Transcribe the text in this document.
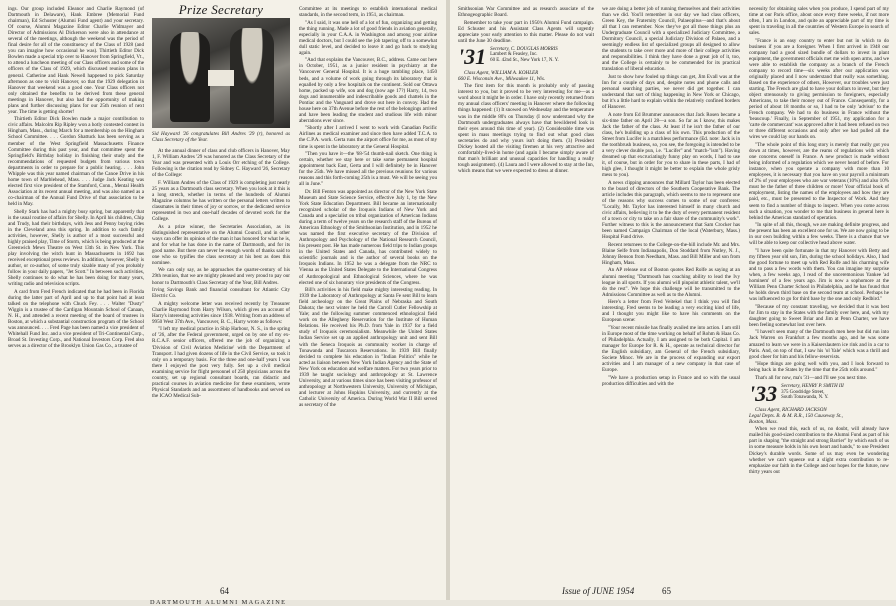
ings. Our group included Eleanor and Charlie Raymond (of Dartmouth in Delaware), Hank Embree (Memorial Fund chairman), Ed Schuster (Alumni Fund agent) and your secretary. Of course, Alumni Magazine Editor Charlie Widmayer and Director of Admissions Al Dickerson were also in attendance at several of the meetings, although the weekend was the period of final desire for all of the constituency of the Class of 1928 (and you can imagine how occasional he was). Thirtieth Editor Dick Bowlen made a special trip over to Hanover from Springfield, Vt., to attend a luncheon meeting of our Class officers and some of the officers of the Class of 1929, which discussed reunion plans in general. Catherine and Hank Newell happened to pick Saturday afternoon as one to visit Hanover, so that the 1929 delegation in Hanover that weekend was a good one. Your Class officers not only obtained the benefits to be derived from these general meetings in Hanover, but also had the opportunity of making plans and further discussing plans for our 25th reunion of next year. The time is getting shorter!

Thirtieth Editor Dick Bowlen made a major contribution to civic affairs. Malcolm Rip Ripley won a hotly contested contest in Hingham, Mass., during March for a membership on the Hingham School Committee. . . . Gordon Shattuck has been serving as a member of the West Springfield Massachusetts Finance Committee during this past year, and that committee spent the Springfield's Birthday holiday in finishing their study and the recommendations of requested budgets from various town departments in order to prepare for a public hearing. . . . John Whipple was this year named chairman of the Canoe Drive in his home town of Marblehead, Mass. . . . Judge Jack Keating was elected first vice president of the Stamford, Conn., Mental Health Association at its recent annual meeting, and was also named as a co-chairman of the Annual Fund Drive of that association to be held in May.

Shelly Stark has had a mighty busy spring, but apparently that is the usual routine of affairs for Shelly. In April his children, Chip and Trudy, had their birthdays, with Jess and Penny buying rides in the Cleveland area this spring. In addition to such family activities, however, Shelly is author of a most successful and highly praised play, Time of Storm, which is being produced at the Greenwich Mews Theatre on West 13th St. in New York. This play involving the witch hunt in Massachusetts in 1692 has received exceptional press reviews. In addition, however, Shelly is author, or co-author, of some truly sizable many of you probably follow in your daily papers, "Jet Scott." In between such activities, Shelly continues to do what he has been doing for many years, writing radio and television scripts.

A card from Fred French indicated that he had been in Florida during the latter part of April and up to that point had at least talked on the telephone with Chuck Fey. . . . Walter "Dusty" Wiggin is a trustee of the Cardigan Mountain School of Canaan, N. H., and attended a recent meeting of the board of trustees in Boston, at which a substantial construction program of the School was announced. . . . Fred Page has been named a vice president of Whitehall Fund Inc. and a vice president of Tri-Continental Corp., Broad St. Investing Corp., and National Investors Corp. Fred also serves as a director of the Brooklyn Union Gas Co., a trustee of

Prize Secretary
Sid Hayward '26 congratulates Bill Andres '29 (r), honored as Class Secretary of the Year.

At the annual dinner of class and club officers in Hanover, May 1, F. William Andres '29 was honored as the Class Secretary of the Year and was presented with a Louis Orr etching of the College. Following is the citation read by Sidney C. Hayward '26, Secretary of the College:

F. William Andres of the Class of 1929 is completing just nearly 25 years as a Dartmouth class secretary. When you look at it this is a long stretch, whether in terms of the hundreds of Alumni Magazine columns he has written or the personal letters written to classmates in their times of joy or sorrow, or the dedicated service represented in two and one-half decades of devoted work for the College.

As a prize winner, the Secretaries Association, as its distinguished representative on the Alumni Council, and in other ways can offer its opinion of the man it has honored for what he is, and for what he has done in the name of Dartmouth, and for its good name. But there can never be enough words of thanks said to one who so typifies the class secretary at his best as does this nominee.

We can only say, as he approaches the quarter-century of his 29th reunion, that we are mighty pleased and very proud to pay our honor to Dartmouth's Class Secretary of the Year, Bill Andres.

Irving Savings Bank and financial consultant for Atlantic City Electric Co.

A mighty welcome letter was received recently by Treasurer Charlie Raymond from Harry Wilson, which gives an account of Harry's interesting activities since 1938. Writing from an address of 9950 West 37th Ave., Vancouver, B. C., Harry wrote as follows:

"I left my medical practice in Ship Harbour, N. S., in the spring of '26, after the Federal government, urged on by one of my ex-R.C.A.F. senior officers, offered me the job of organizing a 'Division of Civil Aviation Medicine' with the Department of Transport. I had given dozens of life in the Civil Service, so took it only on a temporary basis. For the three and one-half years I was there I enjoyed the post very fully. Set up a civil medical examining service for flight personnel of 250 physicians across the country, set up regional consultant boards, ran didactic and practical courses in aviation medicine for these examiners, wrote Physical Standards and an assortment of handbooks and served on the ICAO Medical Sub-

Committee at its meetings to establish international medical standards, in the second term, in 1951, as chairman.

"As I said, it was one hell of a lot of fun, organizing and getting the thing running. Made a lot of good friends in aviation generally, especially in your C.A.A. in Washington and among your airline medical doctors, but I could see the job tapering off to a somewhat dull static level, and decided to leave it and go back to studying again.

"And that explains the Vancouver, B.C., address. Came out here in October, 1951, as a junior resident in psychiatry at the Vancouver General Hospital. It is a huge rambling place, 1450 beds, and a volume of work going through its laboratory that is equalled by only a few hospitals on the continent. Sold our Ottawa home, packed up wife, son and dog (now age 17?) Harry, 14, two dogs and innumerable and indescribable goods and chattels in the Pontiac and the Vanguard and drove out here in convoy. Had the house here on 37th Avenue before the rest of the belongings arrived and have been leading the student and studious life with minor aberrations ever since.

"Shortly after I arrived I went to work with Canadian Pacific Airlines as medical examiner and since then have added T.C.A. to the C.P.A. work. Gerta runs the airport office for me, as most of my time is spent in the laboratory at the General Hospital.

"Then you have it—the '68-'54 thumb-nail sketch. One thing is certain, whether we stay here or take some permanent hospital appointment back East, Gerta and I will definitely be in Hanover for the 25th. We have missed all the previous reunions for various reasons and this forth-coming 25th is a must. We will be seeing you all in June."

Dr. Bill Fenton was appointed as director of the New York State Museum and State Science Service, effective July 1, by the New York State Education Department. Bill became an internationally recognized scholar of the Iroquois Indians of New York and Canada and a specialist on tribal organization of American Indians during a term of twelve years on the research staff of the Bureau of American Ethnology of the Smithsonian Institution, and in 1952 he was named the first executive secretary of the Division of Anthropology and Psychology of the National Research Council, his present post. He has made numerous field trips to Indian groups in the United States and Canada, has contributed widely to scientific journals and is the author of several books on the Iroquois Indians. In 1952 he was a delegate from the NRC to Vienna as the United States Delegate to the International Congress of Anthropological and Ethnological Sciences, where he was elected one of six honorary vice presidents of the Congress.

Bill's activities in his field make mighty interesting reading. In 1939 the Laboratory of Anthropology at Santa Fe sent Bill to learn field archeology on the Great Plains of Nebraska and South Dakota; the next winter he held the Carroll Cutler Fellowship at Yale; and the following summer commenced ethnological field work on the Allegheny Reservation for the Institute of Human Relations. He received his Ph.D. from Yale in 1937 for a field study of Iroquois ceremonialism. Meanwhile the United States Indian Service set up an applied anthropology unit and sent Bill with the Seneca Iroquois as community worker in charge of Tonawanda and Tuscarora Reservations. In 1939 Bill finally decided to complete his education in "Indian Politics" while he acted as liaison between New York Indian Agency and the State of New York on education and welfare matters. For two years prior to 1939 he taught sociology and anthropology at St. Lawrence University, and at various times since has been visiting professor of anthropology at Northwestern University, University of Michigan, and lecturer at Johns Hopkins University, and currently at the Catholic University of America. During World War II Bill served as secretary of the

64
DARTMOUTH ALUMNI MAGAZINE

Smithsonian War Committee and as research associate of the Ethnogeographic Board.

Remember to take your part in 1950's Alumni Fund campaign. Ed Schuster and his Assistant Class Agents will urgently appreciate your early attention to this matter. Please do not wait until the June 30 deadline.

'31 Secretary, C. DOUGLAS MORRIS
Lambert & Feasley, Inc.
60 E. 42nd St., New York 17, N. Y.

Class Agent, WILLIAM A. KOHLER
660 E. Wisconsin Ave., Milwaukee 11, Wis.

The first item for this month is probably only of passing interest to you, but it proved to be very interesting for me—as a word about it might be in order. I have only recently returned from my annual class officers' meeting in Hanover where the following things happened: (1) It snowed on Wednesday and the temperature was in the middle 80's on Thursday (I now understand why the Dartmouth undergraduates always have that bewildered look in their eyes around this time of year). (2) Considerable time was spent in mass meetings trying to find out what good class secretaries do and why yours isn't doing them. (3) President Dickey hosted all the visiting firemen at his very attractive and comfortably-lived-in home (and again I became simply aware of that man's brilliant and unusual capacities for handling a really tough assignment). (4) Laura and I were allowed to stay at the Inn, which means that we were expected to dress at dinner.

we are doing a better job of running themselves and their activities than we did. You'll remember in our day we had class officers, Green Key, the Fraternity Council, Palaeopitus—and that's about all that I can remember. Now they've got all those things plus an Undergraduate Council with a specialized Judiciary Committee, a Dormitory Council, a special Judiciary Division of Palaeo, and a seemingly endless list of specialized groups all designed to allow the students to take over more and more of their college activities and responsibilities. I think they have done a great job of it, too, and the College is certainly to be commended for its practical translation of liberal education.

Just to show how fouled up things can get, Jim Evall was at the Inn for a couple of days and, despite notes and phone calls and personal searching parties, we never did get together. I can understand that sort of thing happening in New York or Chicago, but it's a little hard to explain within the relatively confined borders of Hanover.

A note from Ed Brummer announces that Jack Rosen became a six-time father on April 28—a son. So far as I know, this makes Jack the father of the class. At least if he isn't the father of our class, he's building up a class of his own. This production of the Street from Lucifer is a matchless performance (Ed. note: Jack is in the toothbrush business, so, you see, the foregoing is intended to be a very clever double pun, i.e. "Lucifer" and "match-"ism"). Having dreamed up that excruciatingly funny play on words, I had to use it, of course, but in order for you to share in these parts, I had of high glee, I thought it might be better to explain the whole grisly mess to you).

A news clipping announces that Millard Taylor has been elected to the board of directors of the Southern Cooperative Bank. The article includes this paragraph, which seems to me to represent one of the reasons why success comes to some of our confreres: "Locally, Mr. Taylor has interested himself in many church and civic affairs, believing it to be the duty of every permanent resident of a town or city to take on a fair share of the community's work". Further witness to this is the announcement that Sam Crocker has been named Campaign Chairman of the local (Waterbury, Mass.) Hospital Fund drive.

Recent returnees to the College-on-the-hill include Mr. and Mrs. Blaine Selfe from Indianapolis, Don Stoddard from Nutley, N. J., Johnny Benson from Needham, Mass. and Bill Miller and son from Hingham, Mass.

An AP release out of Boston quotes Red Rolfe as saying at an alumni meeting "Dartmouth has coaching ability to lead the Ivy league in all sports. If you alumni will pinpoint athletic talent, we'll do the rest". We hope this challenge will be transmitted to the Admissions Committee as well as to the Alumni.

Here's a letter from Fred Veitekel that I think you will find interesting. Fred seems to be leading a very exciting kind of life, and I thought you might like to have his comments on the European scene:

"Your recent missile has finally availed me into action. I am still in Europe most of the time working on behalf of Rohm & Haas Co. of Philadelphia. Actually, I am assigned to be both Capital. I am manager for Europe for R. & H., operate as technical director for the English subsidiary, am General of the French subsidiary, Societe Minoc. We are in the process of expanding our export activities and I am manager of a new company in that case of Europe.

"We have a production setup in France and so with the usual production difficulties and with the

necessity for obtaining sales when you produce, I spend part of my time at our Paris office, about once every three weeks, if not more often, I am in London, and quite an appreciable part of my time is spent in traveling in all the countries of Western Europe in search of sales.

"France is an easy country to enter but not in which to do business if you are a foreigner. When I first arrived in 1948 our company had a good sized bundle of dollars to invest in plant equipment, the government officials met me with open arms, and we were able to establish the company as a branch of the French company to record time—six weeks after our application was originally placed and I now understand that really was something. Based on the experience of others, However, our troubles were just starting. The French are glad to have your dollars to invest, but they object strenuously to giving permission to foreigners, especially Americans, to take their money out of France. Consequently, for a period of about 18 months or so, I had to be only 'advisor' to the French company. We had to do business in France without the 'beaucoup.' Finally, in September of 1951, my application for a 'carte de commercant' was approved after it had been refused on two or three different occasions and only after we had pulled all the wires we could lay our hands on.

"The whole point of this long story is merely that really got you down at times, however, are the reams of regulations with which one concerns oneself in France. A new product is made without being informed of a regulation which we never heard of before. For instance, when you operate a company with more than 10 employees, it is necessary that you have on your payroll a minimum of 2% of your employees who are war veterans (10%) and also 10% must be the father of three children or more! Your official book of employment, listing the names of the employees and how they are paid, etc., must be presented to the Inspector of Work. And they seem to find a number of things to inspect. When you come across such a situation, you wonder to me that business in general here is behind the American standard of operation.

"In spite of all this, though, we are making definite progress, and the present has been an excellent one for us. We are now going to be in our own building within a few weeks. There is a chance that we will be able to keep our collective head above water.

"I have been quite fortunate in that my Hanover with Betty and my fifteen year old son, Jim, during the school holidays. Also, I had the good fortune to meet up with Red Rolfe and his charming wife and to pass a few words with them. You can imagine my surprise when, a few weeks ago, I read of the unceremonious Yankee 'ad hominem' of a few years ago. Jim is now a sophomore at the William Penn Charter School in Philadelphia, and he has found that he holds down third base on the second team at school. Perhaps he was influenced to go for third base by the one and only Redbird."

"Because of my constant traveling, we decided that it was best for Jim to stay in the States with the family over here, and, with my daughter going to Sweet Briar and Jim at Penn Charter, we have been feeling somewhat lost over here.

"I haven't seen many of the Dartmouth men here but did run into Jack Warren on Frankfurt a few months ago, and he was some amazed to learn we were in a Kaiserslautern ice rink and in a car to Paris. And, on top of that, I saw his 'ol Yale' which was a thrill and good cheer for him and his fellow-reservists.

"Hope things are going well with you, and I look forward to being back in the States by the time that the 25th rolls around."

That's all for now, ma's '31—and I'll see you next time.

'33 Secretary, HENRY P. SMITH III
375 Goodridge Street,
South Tonawanda, N. Y.

Class Agent, RICHARD JACKSON
Legal Depts. B. & M. R.R., 150 Causeway St.,
Boston, Mass.

When we read this, each of us, no doubt, will already have mailed his good-sized contribution to the Alumni Fund as part of his part in shaping "the straight and strong Barrier" by which each of us in some measure holds in his own heart and hands," to use President Dickey's durable words. Some of us may even be wondering whether we can't squeeze out a slight extra contribution to re-emphasize our faith in the College and our hopes for the future, now thirty years out

Issue of JUNE 1954	65
